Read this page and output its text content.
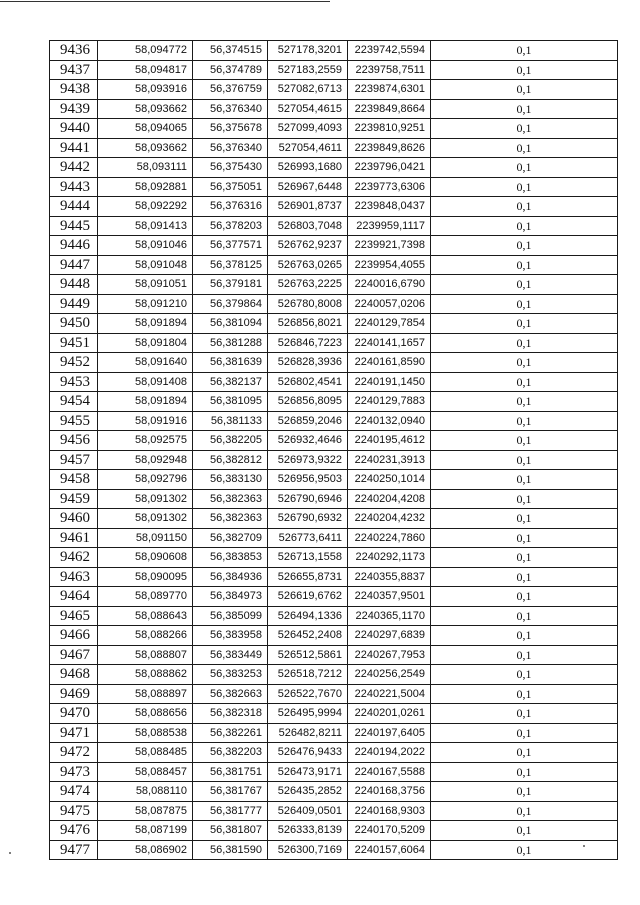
9436	58,094772	56,374515	527178,3201	2239742,5594	0,1
9437	58,094817	56,374789	527183,2559	2239758,7511	0,1
9438	58,093916	56,376759	527082,6713	2239874,6301	0,1
9439	58,093662	56,376340	527054,4615	2239849,8664	0,1
9440	58,094065	56,375678	527099,4093	2239810,9251	0,1
9441	58,093662	56,376340	527054,4611	2239849,8626	0,1
9442	58,093111	56,375430	526993,1680	2239796,0421	0,1
9443	58,092881	56,375051	526967,6448	2239773,6306	0,1
9444	58,092292	56,376316	526901,8737	2239848,0437	0,1
9445	58,091413	56,378203	526803,7048	2239959,1117	0,1
9446	58,091046	56,377571	526762,9237	2239921,7398	0,1
9447	58,091048	56,378125	526763,0265	2239954,4055	0,1
9448	58,091051	56,379181	526763,2225	2240016,6790	0,1
9449	58,091210	56,379864	526780,8008	2240057,0206	0,1
9450	58,091894	56,381094	526856,8021	2240129,7854	0,1
9451	58,091804	56,381288	526846,7223	2240141,1657	0,1
9452	58,091640	56,381639	526828,3936	2240161,8590	0,1
9453	58,091408	56,382137	526802,4541	2240191,1450	0,1
9454	58,091894	56,381095	526856,8095	2240129,7883	0,1
9455	58,091916	56,381133	526859,2046	2240132,0940	0,1
9456	58,092575	56,382205	526932,4646	2240195,4612	0,1
9457	58,092948	56,382812	526973,9322	2240231,3913	0,1
9458	58,092796	56,383130	526956,9503	2240250,1014	0,1
9459	58,091302	56,382363	526790,6946	2240204,4208	0,1
9460	58,091302	56,382363	526790,6932	2240204,4232	0,1
9461	58,091150	56,382709	526773,6411	2240224,7860	0,1
9462	58,090608	56,383853	526713,1558	2240292,1173	0,1
9463	58,090095	56,384936	526655,8731	2240355,8837	0,1
9464	58,089770	56,384973	526619,6762	2240357,9501	0,1
9465	58,088643	56,385099	526494,1336	2240365,1170	0,1
9466	58,088266	56,383958	526452,2408	2240297,6839	0,1
9467	58,088807	56,383449	526512,5861	2240267,7953	0,1
9468	58,088862	56,383253	526518,7212	2240256,2549	0,1
9469	58,088897	56,382663	526522,7670	2240221,5004	0,1
9470	58,088656	56,382318	526495,9994	2240201,0261	0,1
9471	58,088538	56,382261	526482,8211	2240197,6405	0,1
9472	58,088485	56,382203	526476,9433	2240194,2022	0,1
9473	58,088457	56,381751	526473,9171	2240167,5588	0,1
9474	58,088110	56,381767	526435,2852	2240168,3756	0,1
9475	58,087875	56,381777	526409,0501	2240168,9303	0,1
9476	58,087199	56,381807	526333,8139	2240170,5209	0,1
9477	58,086902	56,381590	526300,7169	2240157,6064	0,1
